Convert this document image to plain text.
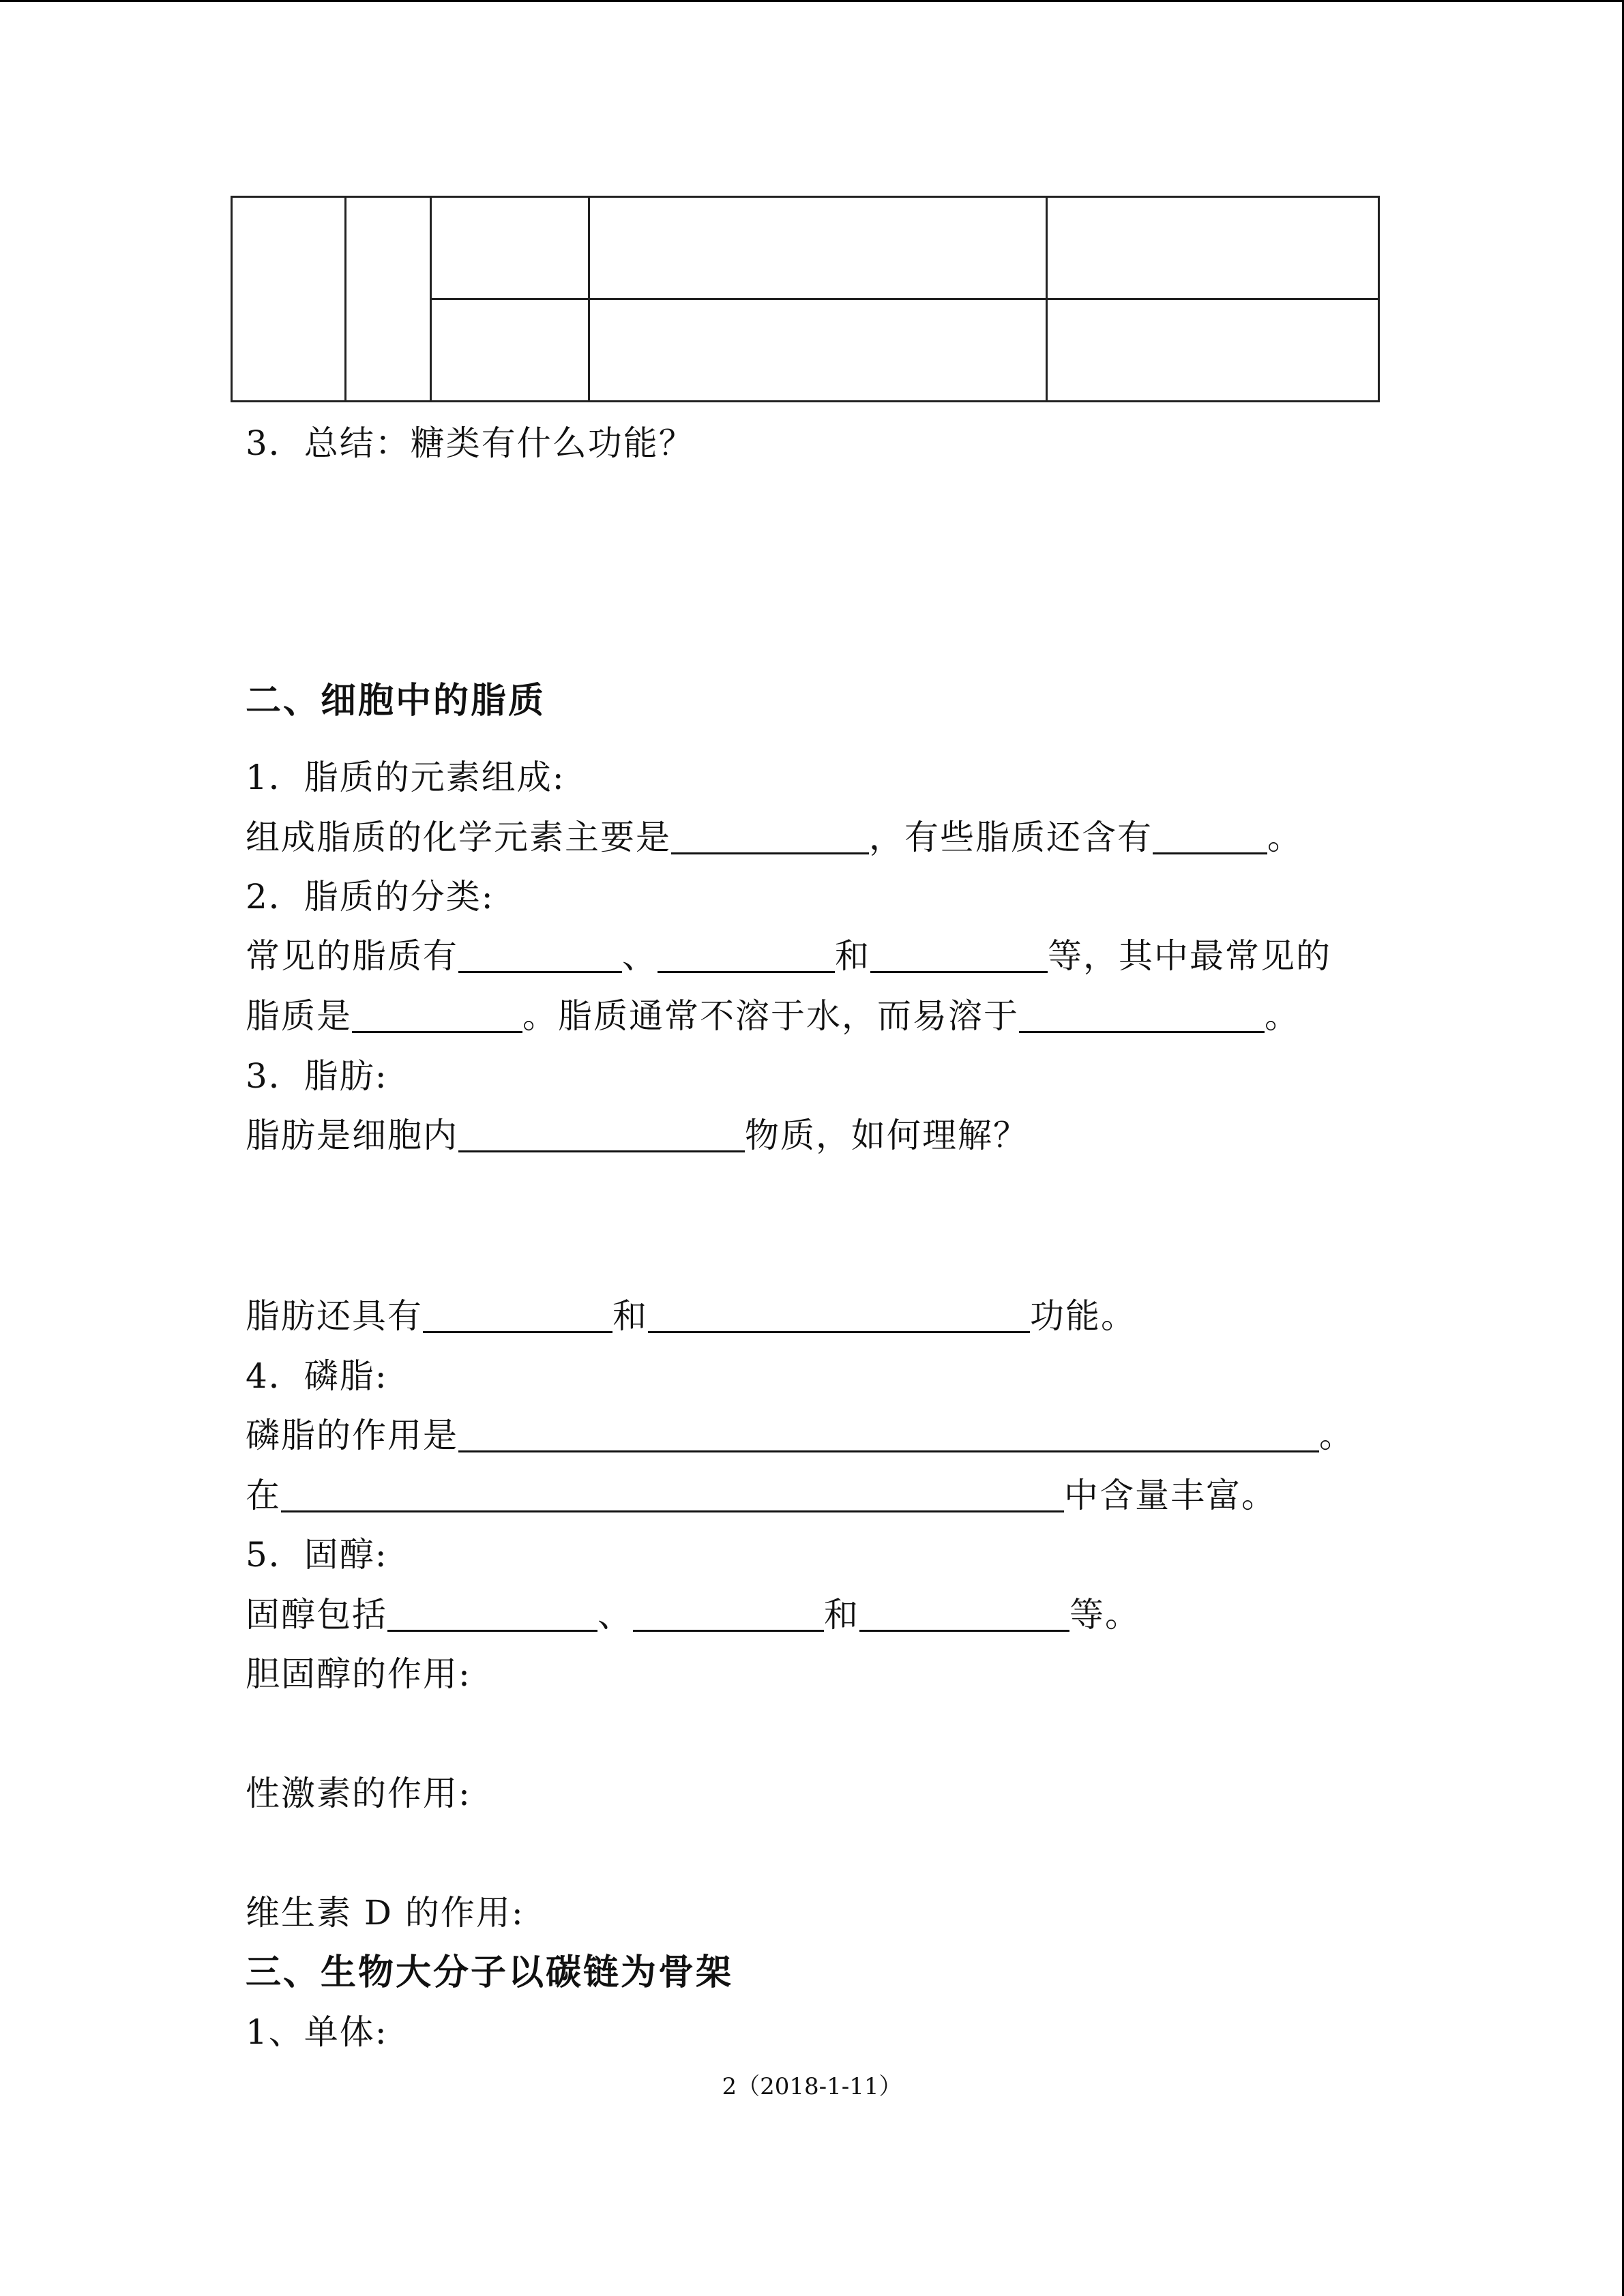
3．总结：糖类有什么功能？
二、细胞中的脂质
1．脂质的元素组成:
组成脂质的化学元素主要是	，有些脂质还含有	。
2．脂质的分类:
常见的脂质有	、	和	等，其中最常见的
脂质是	。脂质通常不溶于水，而易溶于	。
3．脂肪:
脂肪是细胞内	物质，如何理解？
脂肪还具有	和	功能。
4．磷脂:
磷脂的作用是	。
在	中含量丰富。
5．固醇:
固醇包括	、	和	等。
胆固醇的作用:
性激素的作用:
维生素 D 的作用:
三、生物大分子以碳链为骨架
1、单体:
2（2018-1-11）
